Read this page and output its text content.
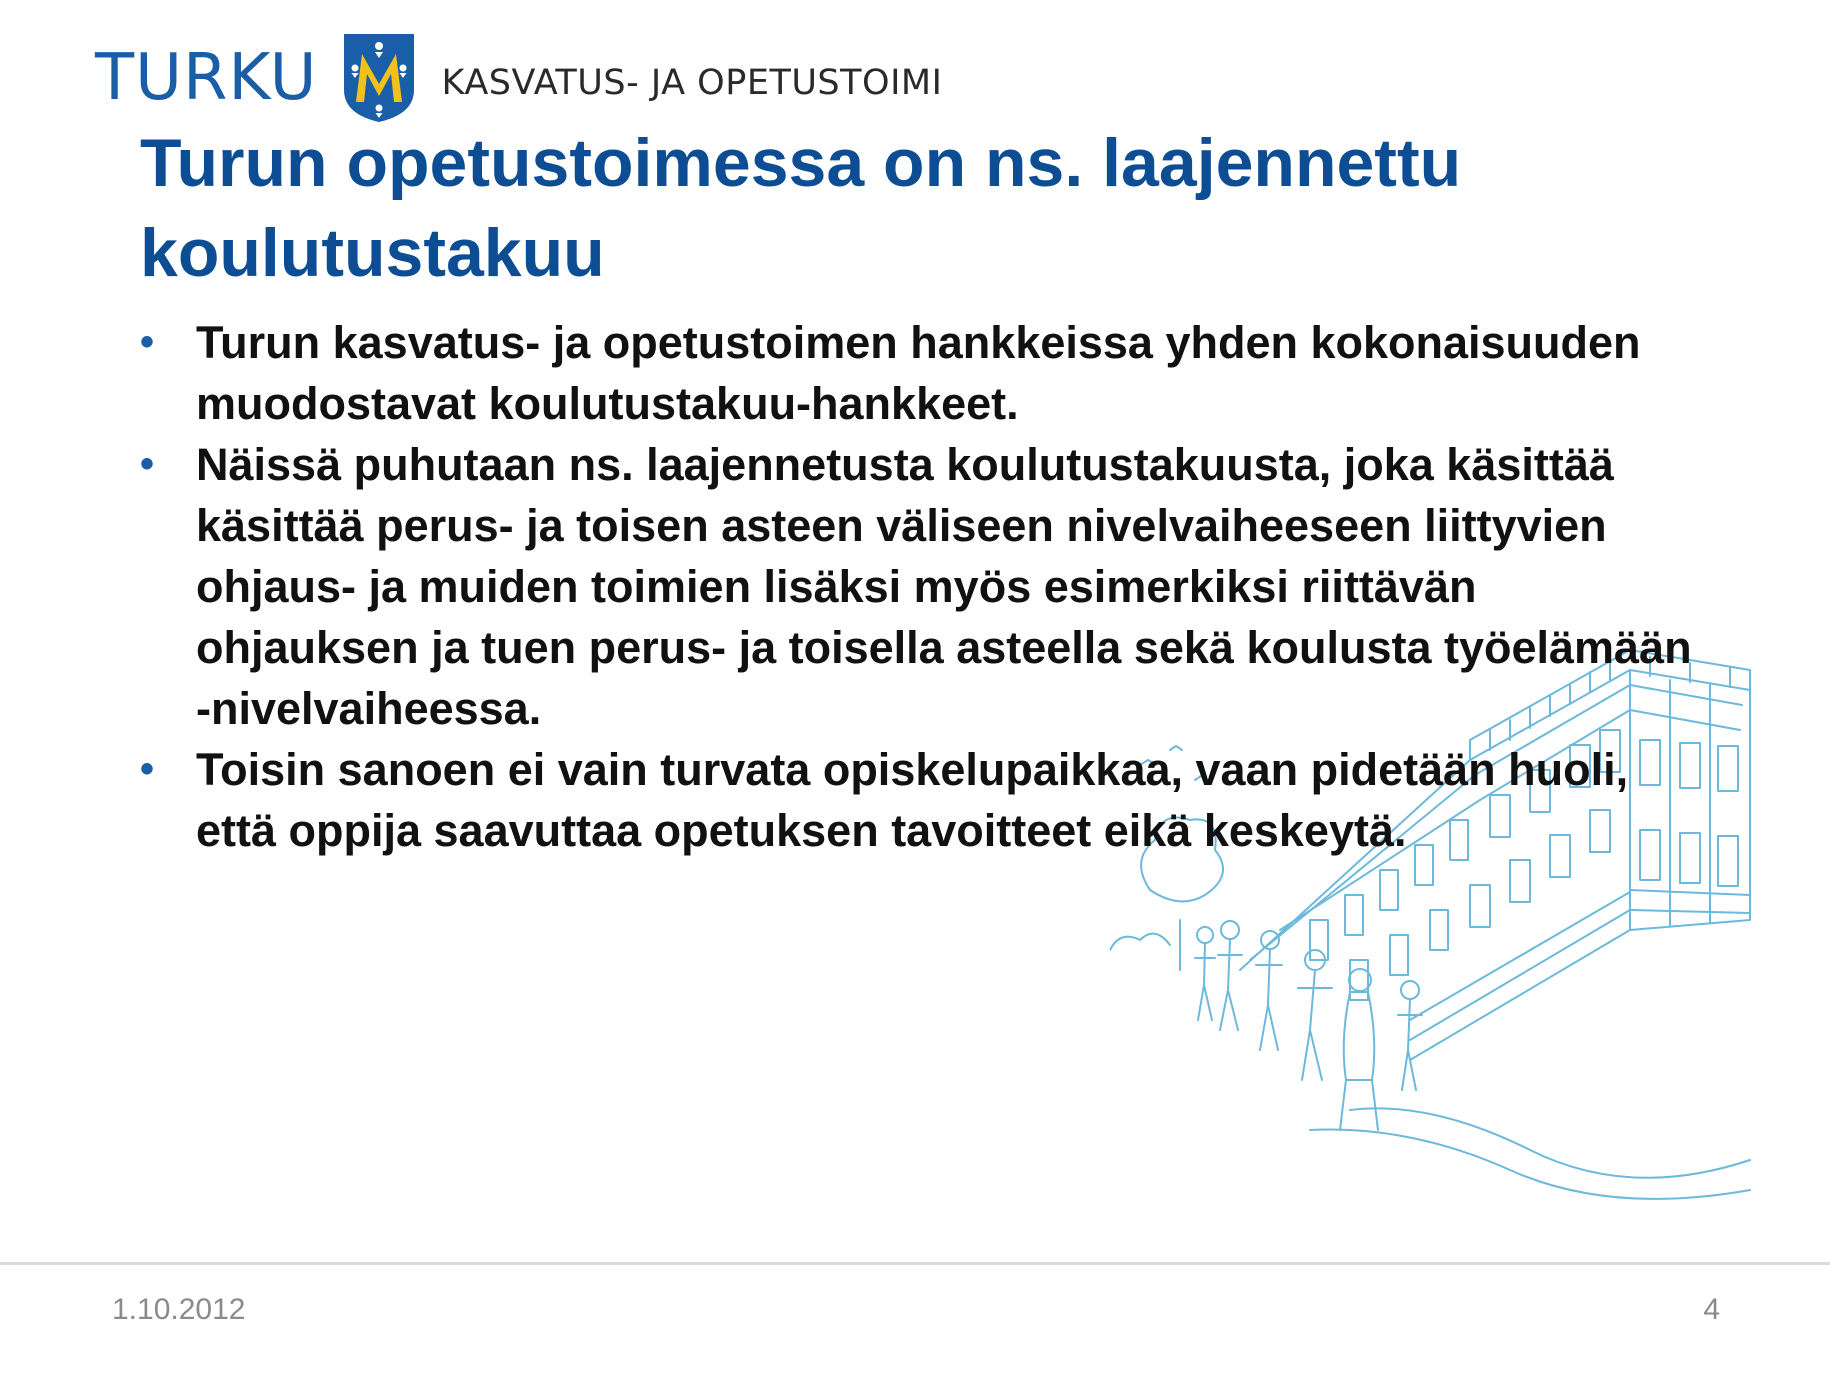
TURKU	KASVATUS- JA OPETUSTOIMI
Turun opetustoimessa on ns. laajennettu koulutustakuu
• Turun kasvatus- ja opetustoimen hankkeissa yhden kokonaisuuden muodostavat koulutustakuu-hankkeet.
• Näissä puhutaan ns. laajennetusta koulutustakuusta, joka käsittää käsittää perus- ja toisen asteen väliseen nivelvaiheeseen liittyvien ohjaus- ja muiden toimien lisäksi myös esimerkiksi riittävän ohjauksen ja tuen perus- ja toisella asteella sekä koulusta työelämään -nivelvaiheessa.
• Toisin sanoen ei vain turvata opiskelupaikkaa, vaan pidetään huoli, että oppija saavuttaa opetuksen tavoitteet eikä keskeytä.
1.10.2012	4
